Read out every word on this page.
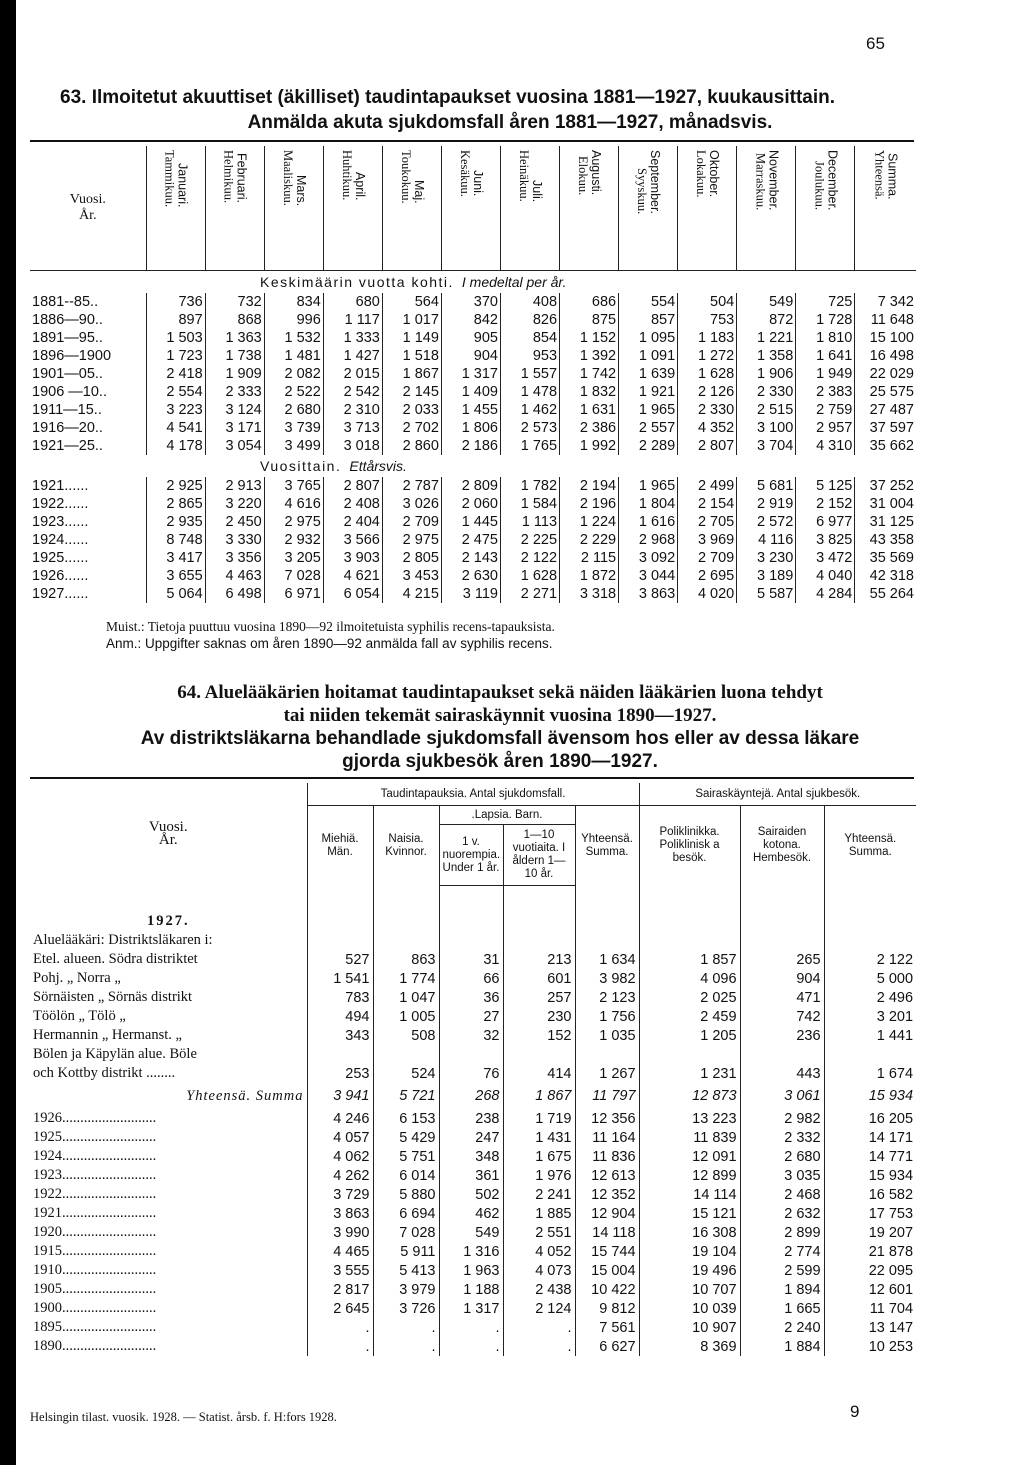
65
63. Ilmoitetut akuuttiset (äkilliset) taudintapaukset vuosina 1881—1927, kuukausittain.
Anmälda akuta sjukdomsfall åren 1881—1927, månadsvis.
Vuosi.
År.	Tammikuu.Januari.	Helmikuu.Februari.	Maaliskuu.Mars.	Huhtikuu.April.	Toukokuu.Maj.	Kesäkuu.Juni.	Heinäkuu.Juli.	Elokuu.Augusti.	Syyskuu.September.	Lokakuu.Oktober.	Marraskuu.November.	Joulukuu.December.	Yhteensä.Summa.
Keskimäärin vuotta kohti. I medeltal per år.													
1881--85..	736	732	834	680	564	370	408	686	554	504	549	725	7 342
1886—90..	897	868	996	1 117	1 017	842	826	875	857	753	872	1 728	11 648
1891—95..	1 503	1 363	1 532	1 333	1 149	905	854	1 152	1 095	1 183	1 221	1 810	15 100
1896—1900	1 723	1 738	1 481	1 427	1 518	904	953	1 392	1 091	1 272	1 358	1 641	16 498
1901—05..	2 418	1 909	2 082	2 015	1 867	1 317	1 557	1 742	1 639	1 628	1 906	1 949	22 029
1906 —10..	2 554	2 333	2 522	2 542	2 145	1 409	1 478	1 832	1 921	2 126	2 330	2 383	25 575
1911—15..	3 223	3 124	2 680	2 310	2 033	1 455	1 462	1 631	1 965	2 330	2 515	2 759	27 487
1916—20..	4 541	3 171	3 739	3 713	2 702	1 806	2 573	2 386	2 557	4 352	3 100	2 957	37 597
1921—25..	4 178	3 054	3 499	3 018	2 860	2 186	1 765	1 992	2 289	2 807	3 704	4 310	35 662
Vuosittain. Ettårsvis.													
1921......	2 925	2 913	3 765	2 807	2 787	2 809	1 782	2 194	1 965	2 499	5 681	5 125	37 252
1922......	2 865	3 220	4 616	2 408	3 026	2 060	1 584	2 196	1 804	2 154	2 919	2 152	31 004
1923......	2 935	2 450	2 975	2 404	2 709	1 445	1 113	1 224	1 616	2 705	2 572	6 977	31 125
1924......	8 748	3 330	2 932	3 566	2 975	2 475	2 225	2 229	2 968	3 969	4 116	3 825	43 358
1925......	3 417	3 356	3 205	3 903	2 805	2 143	2 122	2 115	3 092	2 709	3 230	3 472	35 569
1926......	3 655	4 463	7 028	4 621	3 453	2 630	1 628	1 872	3 044	2 695	3 189	4 040	42 318
1927......	5 064	6 498	6 971	6 054	4 215	3 119	2 271	3 318	3 863	4 020	5 587	4 284	55 264
Muist.: Tietoja puuttuu vuosina 1890—92 ilmoitetuista syphilis recens-tapauksista.
Anm.: Uppgifter saknas om åren 1890—92 anmälda fall av syphilis recens.
64. Aluelääkärien hoitamat taudintapaukset sekä näiden lääkärien luona tehdyt
tai niiden tekemät sairaskäynnit vuosina 1890—1927.
Av distriktsläkarna behandlade sjukdomsfall ävensom hos eller av dessa läkare
gjorda sjukbesök åren 1890—1927.
Vuosi.
År.	Taudintapauksia. Antal sjukdomsfall.					Sairaskäyntejä. Antal sjukbesök.		
	Miehiä. Män.	Naisia. Kvinnor.	.Lapsia. Barn.		Yhteensä. Summa.	Poliklinikka. Poliklinisk a besök.	Sairaiden kotona. Hembesök.	Yhteensä. Summa.
			1 v. nuorempia. Under 1 år.	1—10 vuotiaita. I åldern 1—10 år.				

1927.								
Aluelääkäri: Distriktsläkaren i:								
Etel. alueen. Södra distriktet	527	863	31	213	1 634	1 857	265	2 122
Pohj. „ Norra „	1 541	1 774	66	601	3 982	4 096	904	5 000
Sörnäisten „ Sörnäs distrikt	783	1 047	36	257	2 123	2 025	471	2 496
Töölön „ Tölö „	494	1 005	27	230	1 756	2 459	742	3 201
Hermannin „ Hermanst. „	343	508	32	152	1 035	1 205	236	1 441
Bölen ja Käpylän alue. Böle								
och Kottby distrikt ........	253	524	76	414	1 267	1 231	443	1 674
Yhteensä. Summa	3 941	5 721	268	1 867	11 797	12 873	3 061	15 934
1926..........................	4 246	6 153	238	1 719	12 356	13 223	2 982	16 205
1925..........................	4 057	5 429	247	1 431	11 164	11 839	2 332	14 171
1924..........................	4 062	5 751	348	1 675	11 836	12 091	2 680	14 771
1923..........................	4 262	6 014	361	1 976	12 613	12 899	3 035	15 934
1922..........................	3 729	5 880	502	2 241	12 352	14 114	2 468	16 582
1921..........................	3 863	6 694	462	1 885	12 904	15 121	2 632	17 753
1920..........................	3 990	7 028	549	2 551	14 118	16 308	2 899	19 207
1915..........................	4 465	5 911	1 316	4 052	15 744	19 104	2 774	21 878
1910..........................	3 555	5 413	1 963	4 073	15 004	19 496	2 599	22 095
1905..........................	2 817	3 979	1 188	2 438	10 422	10 707	1 894	12 601
1900..........................	2 645	3 726	1 317	2 124	9 812	10 039	1 665	11 704
1895..........................	.	.	.	.	7 561	10 907	2 240	13 147
1890..........................	.	.	.	.	6 627	8 369	1 884	10 253
Helsingin tilast. vuosik. 1928. — Statist. årsb. f. H:fors 1928.	9
